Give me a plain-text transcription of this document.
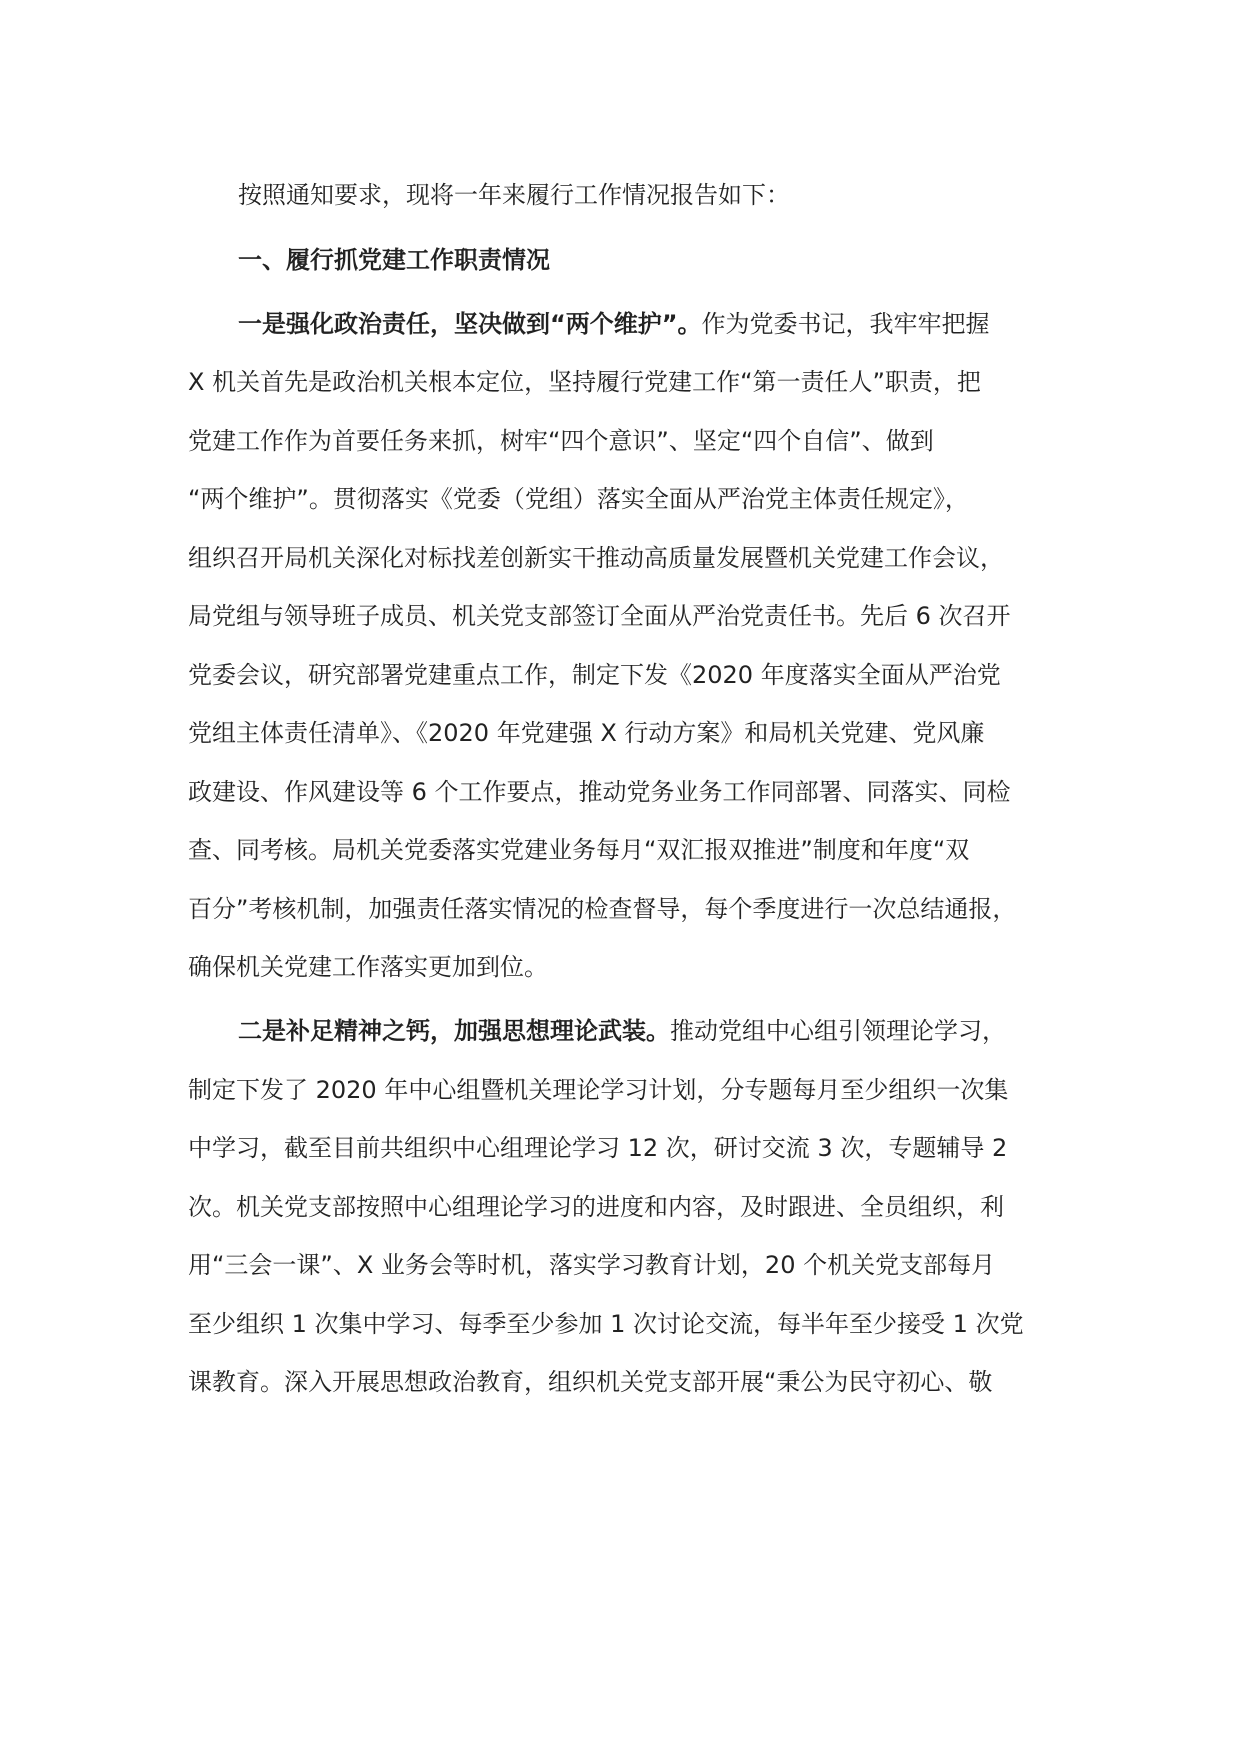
按照通知要求，现将一年来履行工作情况报告如下：
一、履行抓党建工作职责情况
一是强化政治责任，坚决做到“两个维护”。作为党委书记，我牢牢把握
X 机关首先是政治机关根本定位，坚持履行党建工作“第一责任人”职责，把
党建工作作为首要任务来抓，树牢“四个意识”、坚定“四个自信”、做到
“两个维护”。贯彻落实《党委（党组）落实全面从严治党主体责任规定》，
组织召开局机关深化对标找差创新实干推动高质量发展暨机关党建工作会议，
局党组与领导班子成员、机关党支部签订全面从严治党责任书。先后 6 次召开
党委会议，研究部署党建重点工作，制定下发《2020 年度落实全面从严治党
党组主体责任清单》、《2020 年党建强 X 行动方案》和局机关党建、党风廉
政建设、作风建设等 6 个工作要点，推动党务业务工作同部署、同落实、同检
查、同考核。局机关党委落实党建业务每月“双汇报双推进”制度和年度“双
百分”考核机制，加强责任落实情况的检查督导，每个季度进行一次总结通报，
确保机关党建工作落实更加到位。
二是补足精神之钙，加强思想理论武装。推动党组中心组引领理论学习，
制定下发了 2020 年中心组暨机关理论学习计划，分专题每月至少组织一次集
中学习，截至目前共组织中心组理论学习 12 次，研讨交流 3 次，专题辅导 2
次。机关党支部按照中心组理论学习的进度和内容，及时跟进、全员组织，利
用“三会一课”、X 业务会等时机，落实学习教育计划，20 个机关党支部每月
至少组织 1 次集中学习、每季至少参加 1 次讨论交流，每半年至少接受 1 次党
课教育。深入开展思想政治教育，组织机关党支部开展“秉公为民守初心、敬
